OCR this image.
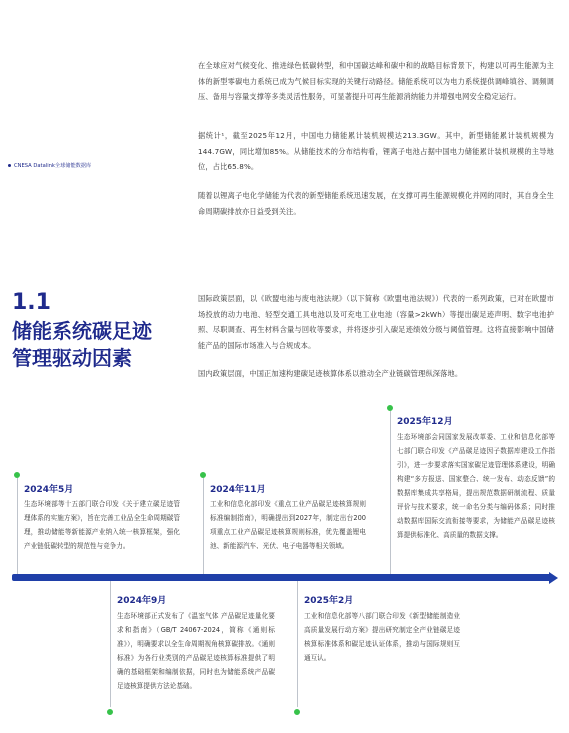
在全球应对气候变化、推进绿色低碳转型，和中国碳达峰和碳中和的战略目标背景下，构建以可再生能源为主体的新型零碳电力系统已成为气候目标实现的关键行动路径。储能系统可以为电力系统提供调峰填谷、调频调压、备用与容量支撑等多类灵活性服务，可显著提升可再生能源消纳能力并增强电网安全稳定运行。
据统计¹，截至2025年12月，中国电力储能累计装机规模达213.3GW。其中，新型储能累计装机规模为144.7GW，同比增加85%。从储能技术的分布结构看，锂离子电池占据中国电力储能累计装机规模的主导地位，占比65.8%。
随着以锂离子电化学储能为代表的新型储能系统迅速发展，在支撑可再生能源规模化并网的同时，其自身全生命周期碳排放亦日益受到关注。
CNESA Datalink全球储能数据库
1.1
储能系统碳足迹管理驱动因素
国际政策层面，以《欧盟电池与废电池法规》（以下简称《欧盟电池法规》）代表的一系列政策，已对在欧盟市场投放的动力电池、轻型交通工具电池以及可充电工业电池（容量>2kWh）等提出碳足迹声明、数字电池护照、尽职调查、再生材料含量与回收等要求，并将逐步引入碳足迹绩效分级与阈值管理。这将直接影响中国储能产品的国际市场准入与合规成本。
国内政策层面，中国正加速构建碳足迹核算体系以推动全产业链碳管理纵深落地。
2024年5月
生态环境部等十五部门联合印发《关于建立碳足迹管理体系的实施方案》，旨在完善工业品全生命周期碳管理，推动储能等新能源产业纳入统一核算框架，强化产业链低碳转型的规范性与竞争力。
2024年11月
工业和信息化部印发《重点工业产品碳足迹核算规则标准编制指南》，明确提出到2027年，制定出台200项重点工业产品碳足迹核算规则标准，优先覆盖锂电池、新能源汽车、光伏、电子电器等相关领域。
2025年12月
生态环境部会同国家发展改革委、工业和信息化部等七部门联合印发《产品碳足迹因子数据库建设工作指引》，进一步要求落实国家碳足迹管理体系建设，明确构建“多方报送、国家整合、统一发布、动态反馈”的数据库集成共享格局，提出规范数据研制流程、质量评价与技术要求，统一命名分类与编码体系；同时推动数据库国际交流衔接等要求，为储能产品碳足迹核算提供标准化、高质量的数据支撑。
2024年9月
生态环境部正式发布了《温室气体 产品碳足迹量化要求和指南》（GB/T 24067-2024，简称《通则标准》），明确要求以全生命周期视角核算碳排放。《通则标准》为各行业类别的产品碳足迹核算标准提供了明确的基础框架和编制依据，同时也为储能系统产品碳足迹核算提供方法论基础。
2025年2月
工业和信息化部等八部门联合印发《新型储能制造业高质量发展行动方案》提出研究制定全产业链碳足迹核算标准体系和碳足迹认证体系，推动与国际规则互通互认。
